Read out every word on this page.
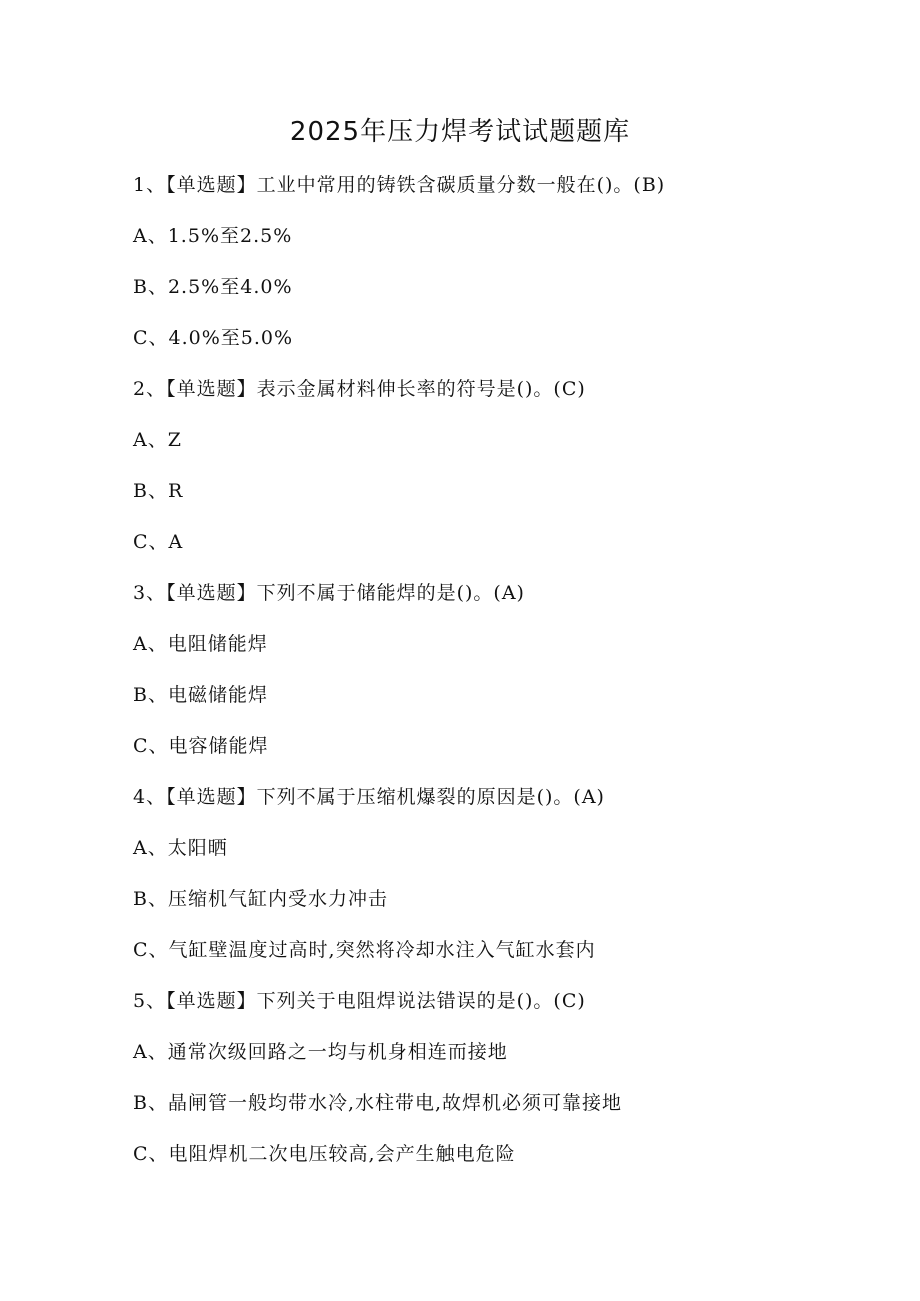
2025年压力焊考试试题题库
1、【单选题】工业中常用的铸铁含碳质量分数一般在()。(B)
A、1.5%至2.5%
B、2.5%至4.0%
C、4.0%至5.0%
2、【单选题】表示金属材料伸长率的符号是()。(C)
A、Z
B、R
C、A
3、【单选题】下列不属于储能焊的是()。(A)
A、电阻储能焊
B、电磁储能焊
C、电容储能焊
4、【单选题】下列不属于压缩机爆裂的原因是()。(A)
A、太阳晒
B、压缩机气缸内受水力冲击
C、气缸壁温度过高时,突然将冷却水注入气缸水套内
5、【单选题】下列关于电阻焊说法错误的是()。(C)
A、通常次级回路之一均与机身相连而接地
B、晶闸管一般均带水冷,水柱带电,故焊机必须可靠接地
C、电阻焊机二次电压较高,会产生触电危险
